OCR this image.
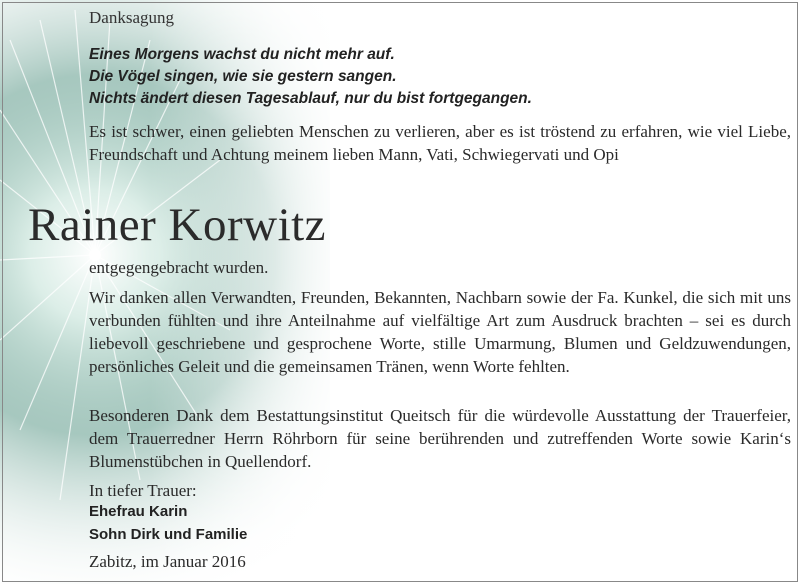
Danksagung
Eines Morgens wachst du nicht mehr auf.
Die Vögel singen, wie sie gestern sangen.
Nichts ändert diesen Tagesablauf, nur du bist fortgegangen.
Es ist schwer, einen geliebten Menschen zu verlieren, aber es ist tröstend zu erfahren, wie viel Liebe, Freundschaft und Achtung meinem lieben Mann, Vati, Schwiegervati und Opi
Rainer Korwitz
entgegengebracht wurden.
Wir danken allen Verwandten, Freunden, Bekannten, Nachbarn sowie der Fa. Kunkel, die sich mit uns verbunden fühlten und ihre Anteilnahme auf vielfältige Art zum Ausdruck brachten – sei es durch liebevoll geschriebene und gesprochene Worte, stille Umarmung, Blumen und Geldzuwendungen, persönliches Geleit und die gemeinsamen Tränen, wenn Worte fehlten.
Besonderen Dank dem Bestattungsinstitut Queitsch für die würdevolle Ausstattung der Trauerfeier, dem Trauerredner Herrn Röhrborn für seine berührenden und zutreffenden Worte sowie Karin‘s Blumenstübchen in Quellendorf.
In tiefer Trauer:
Ehefrau Karin
Sohn Dirk und Familie
Zabitz, im Januar 2016
